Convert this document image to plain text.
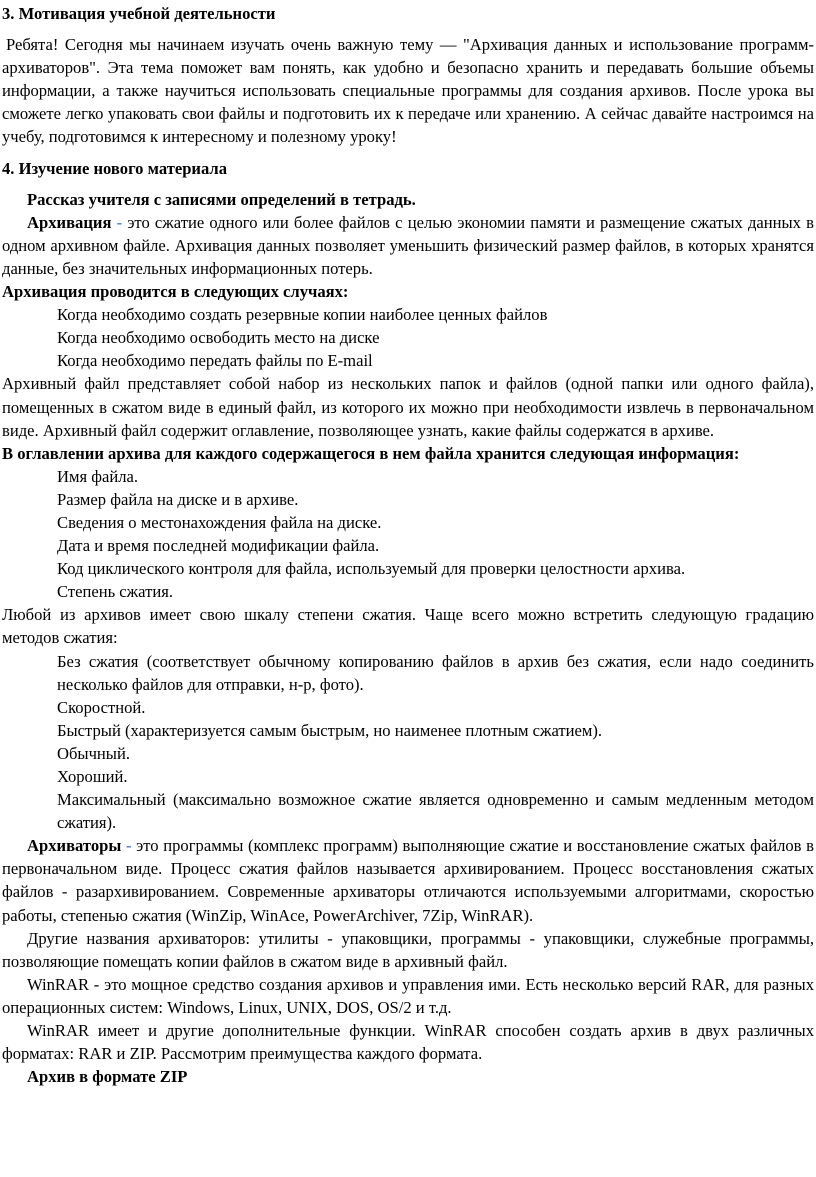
3. Мотивация учебной деятельности

Ребята! Сегодня мы начинаем изучать очень важную тему — "Архивация данных и использование программ-архиваторов". Эта тема поможет вам понять, как удобно и безопасно хранить и передавать большие объемы информации, а также научиться использовать специальные программы для создания архивов. После урока вы сможете легко упаковать свои файлы и подготовить их к передаче или хранению. А сейчас давайте настроимся на учебу, подготовимся к интересному и полезному уроку!

4. Изучение нового материала

Рассказ учителя с записями определений в тетрадь.

Архивация - это сжатие одного или более файлов с целью экономии памяти и размещение сжатых данных в одном архивном файле. Архивация данных позволяет уменьшить физический размер файлов, в которых хранятся данные, без значительных информационных потерь.

Архивация проводится в следующих случаях:

Когда необходимо создать резервные копии наиболее ценных файлов

Когда необходимо освободить место на диске

Когда необходимо передать файлы по E-mail

Архивный файл представляет собой набор из нескольких папок и файлов (одной папки или одного файла), помещенных в сжатом виде в единый файл, из которого их можно при необходимости извлечь в первоначальном виде. Архивный файл содержит оглавление, позволяющее узнать, какие файлы содержатся в архиве.

В оглавлении архива для каждого содержащегося в нем файла хранится следующая информация:

Имя файла.

Размер файла на диске и в архиве.

Сведения о местонахождения файла на диске.

Дата и время последней модификации файла.

Код циклического контроля для файла, используемый для проверки целостности архива.

Степень сжатия.

Любой из архивов имеет свою шкалу степени сжатия. Чаще всего можно встретить следующую градацию методов сжатия:

Без сжатия (соответствует обычному копированию файлов в архив без сжатия, если надо соединить несколько файлов для отправки, н-р, фото).

Скоростной.

Быстрый (характеризуется самым быстрым, но наименее плотным сжатием).

Обычный.

Хороший.

Максимальный (максимально возможное сжатие является одновременно и самым медленным методом сжатия).

Архиваторы - это программы (комплекс программ) выполняющие сжатие и восстановление сжатых файлов в первоначальном виде. Процесс сжатия файлов называется архивированием. Процесс восстановления сжатых файлов - разархивированием. Современные архиваторы отличаются используемыми алгоритмами, скоростью работы, степенью сжатия (WinZip, WinAce, PowerArchiver, 7Zip, WinRAR).

Другие названия архиваторов: утилиты - упаковщики, программы - упаковщики, служебные программы, позволяющие помещать копии файлов в сжатом виде в архивный файл.

WinRAR - это мощное средство создания архивов и управления ими. Есть несколько версий RAR, для разных операционных систем: Windows, Linux, UNIX, DOS, OS/2 и т.д.

WinRAR имеет и другие дополнительные функции. WinRAR способен создать архив в двух различных форматах: RAR и ZIP. Рассмотрим преимущества каждого формата.

Архив в формате ZIP
